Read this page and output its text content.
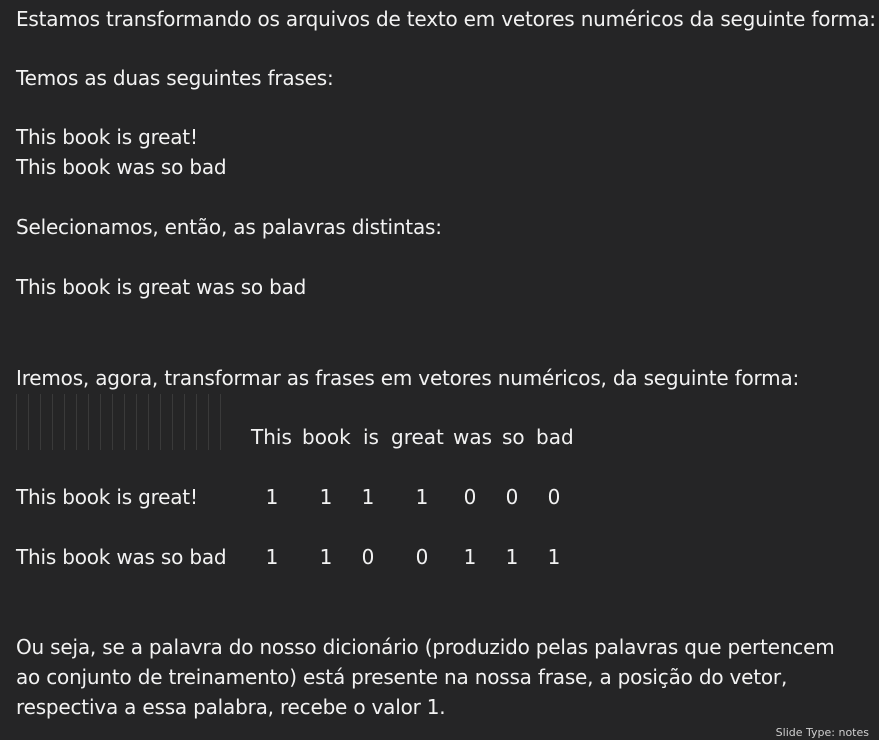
Estamos transformando os arquivos de texto em vetores numéricos da seguinte forma:
Temos as duas seguintes frases:
This book is great!
This book was so bad
Selecionamos, então, as palavras distintas:
This book is great was so bad
Iremos, agora, transformar as frases em vetores numéricos, da seguinte forma:
This book is great was so bad
This book is great!	1 1 1 1 0 0 0
This book was so bad 1 1 0 0 1 1 1
Ou seja, se a palavra do nosso dicionário (produzido pelas palavras que pertencem
ao conjunto de treinamento) está presente na nossa frase, a posição do vetor,
respectiva a essa palabra, recebe o valor 1.
Slide Type: notes
